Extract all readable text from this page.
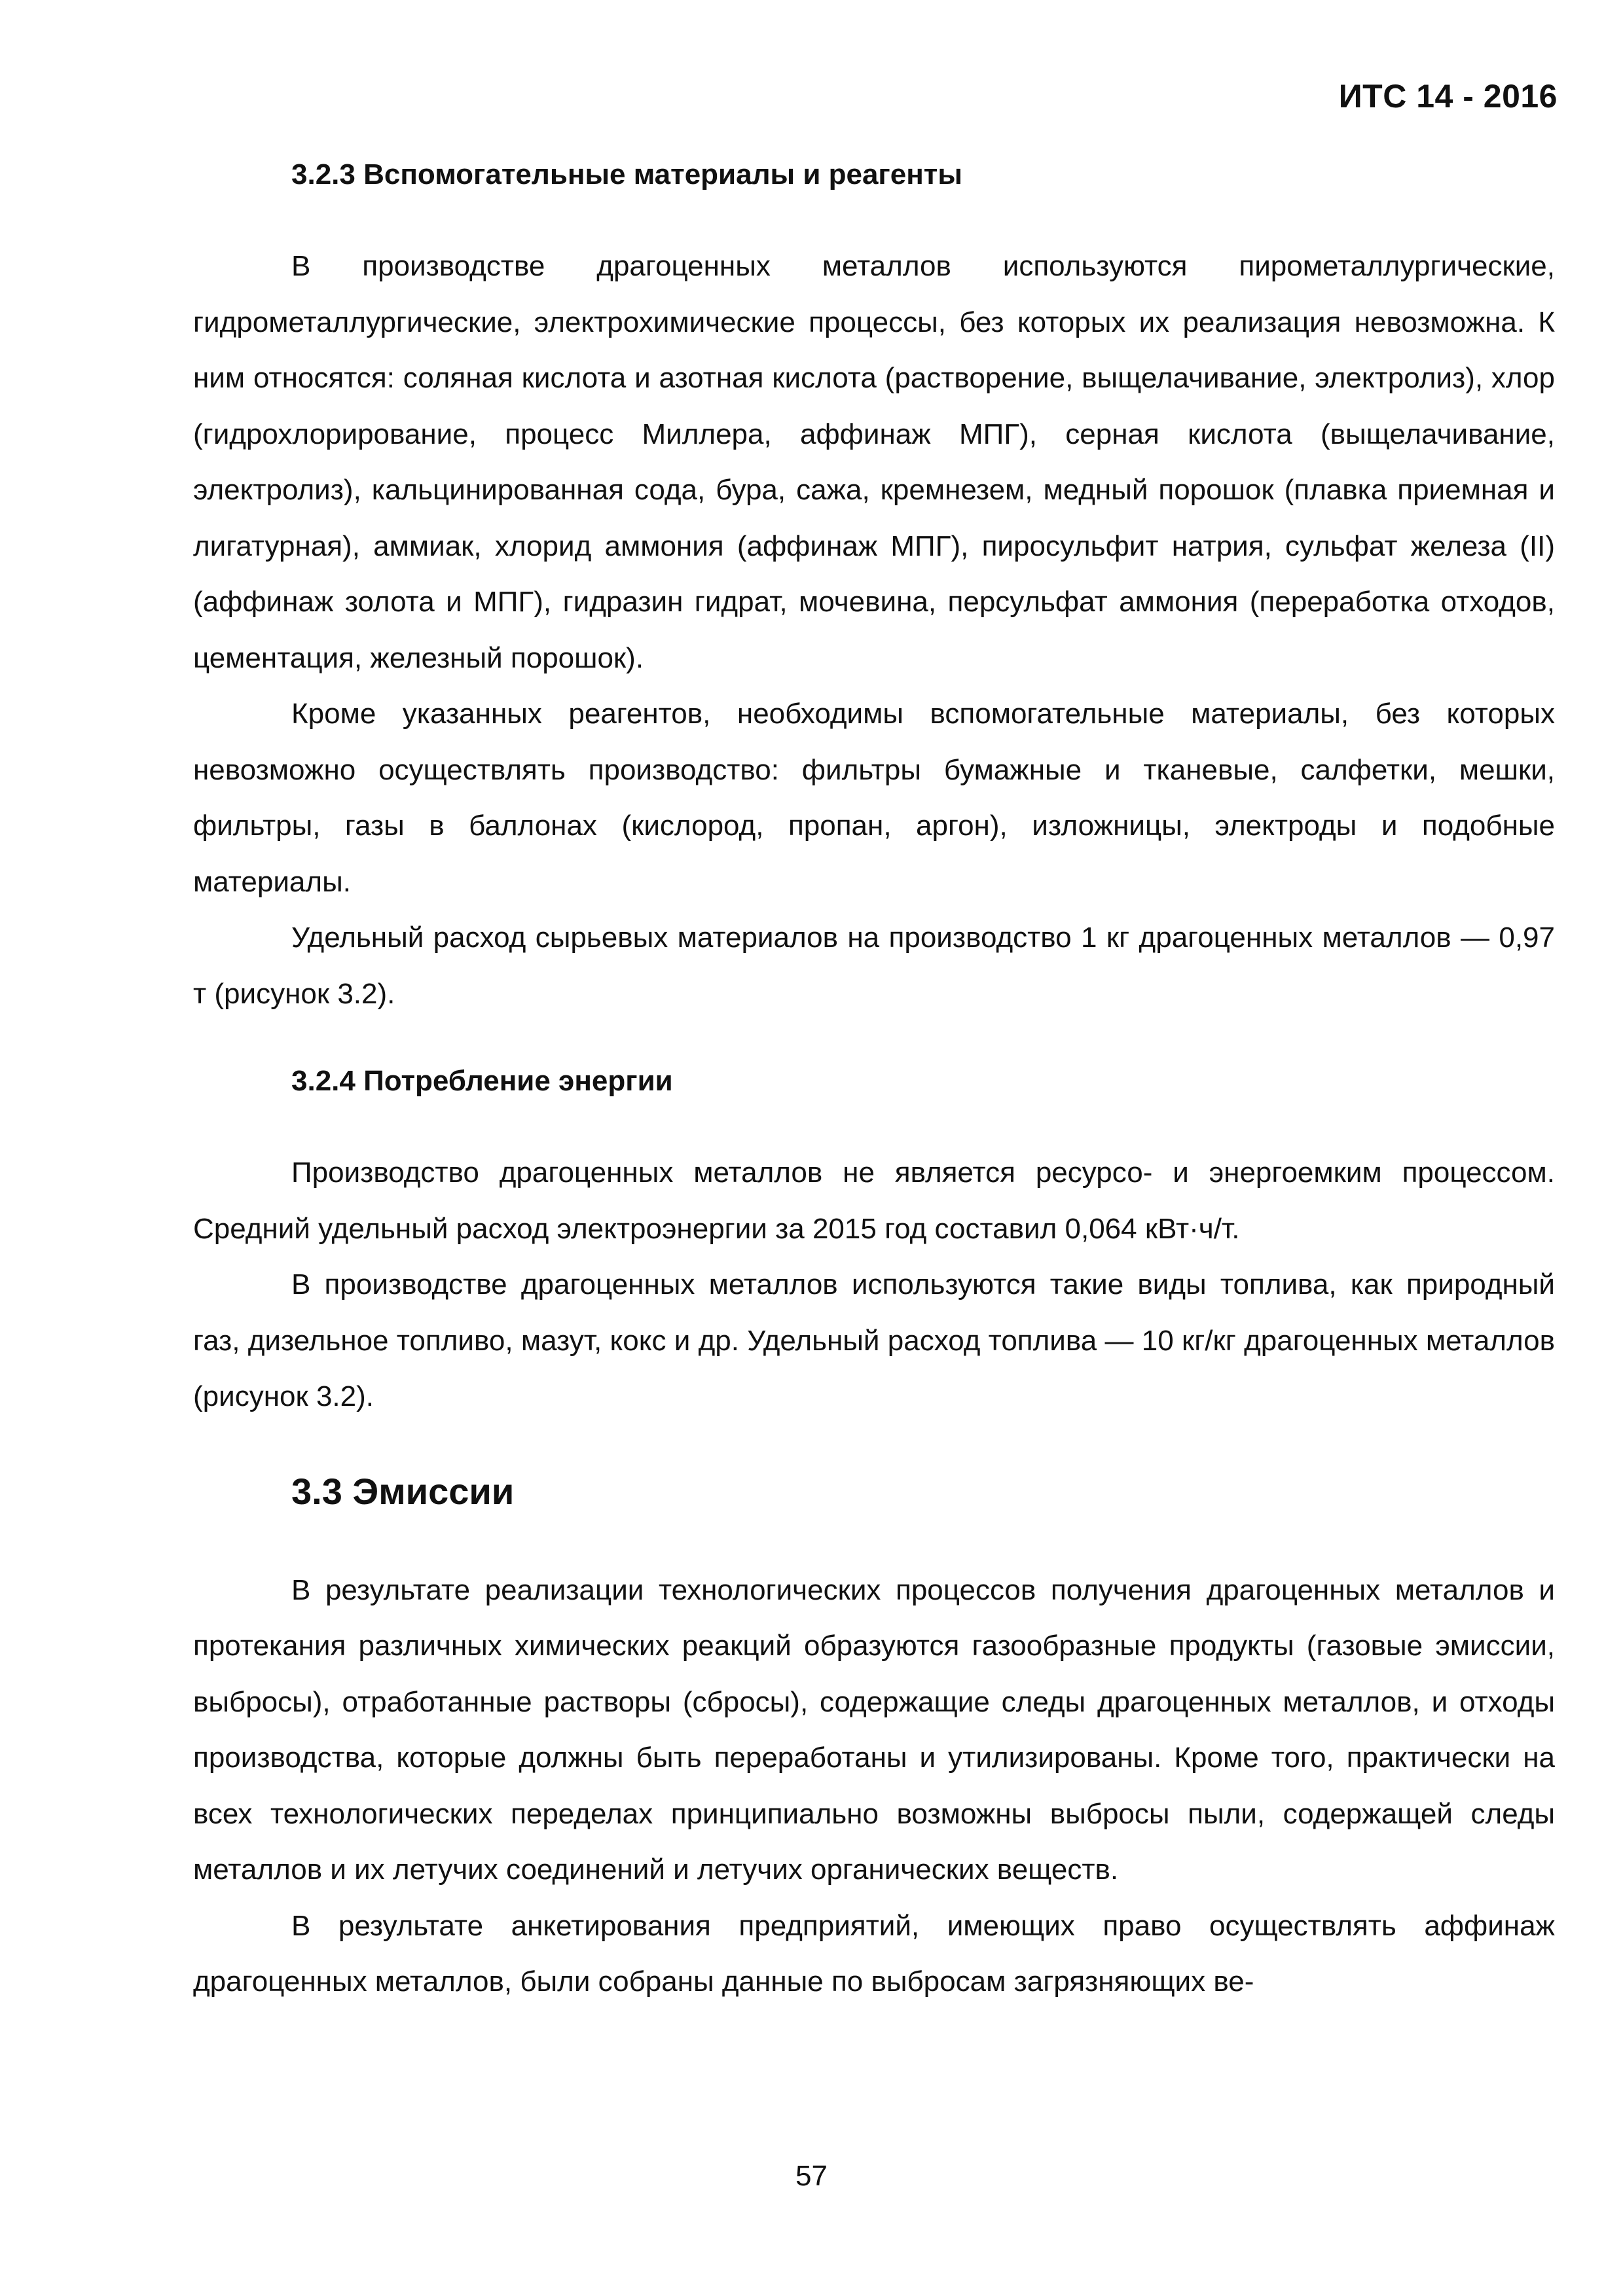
ИТС 14 - 2016
3.2.3 Вспомогательные материалы и реагенты

В производстве драгоценных металлов используются пирометаллургические, гидрометаллургические, электрохимические процессы, без которых их реализация невозможна. К ним относятся: соляная кислота и азотная кислота (растворение, выщелачивание, электролиз), хлор (гидрохлорирование, процесс Миллера, аффинаж МПГ), серная кислота (выщелачивание, электролиз), кальцинированная сода, бура, сажа, кремнезем, медный порошок (плавка приемная и лигатурная), аммиак, хлорид аммония (аффинаж МПГ), пиросульфит натрия, сульфат железа (II) (аффинаж золота и МПГ), гидразин гидрат, мочевина, персульфат аммония (переработка отходов, цементация, железный порошок).

Кроме указанных реагентов, необходимы вспомогательные материалы, без которых невозможно осуществлять производство: фильтры бумажные и тканевые, салфетки, мешки, фильтры, газы в баллонах (кислород, пропан, аргон), изложницы, электроды и подобные материалы.

Удельный расход сырьевых материалов на производство 1 кг драгоценных металлов — 0,97 т (рисунок 3.2).

3.2.4 Потребление энергии

Производство драгоценных металлов не является ресурсо- и энергоемким процессом. Средний удельный расход электроэнергии за 2015 год составил 0,064 кВт·ч/т.

В производстве драгоценных металлов используются такие виды топлива, как природный газ, дизельное топливо, мазут, кокс и др. Удельный расход топлива — 10 кг/кг драгоценных металлов (рисунок 3.2).

3.3 Эмиссии

В результате реализации технологических процессов получения драгоценных металлов и протекания различных химических реакций образуются газообразные продукты (газовые эмиссии, выбросы), отработанные растворы (сбросы), содержащие следы драгоценных металлов, и отходы производства, которые должны быть переработаны и утилизированы. Кроме того, практически на всех технологических переделах принципиально возможны выбросы пыли, содержащей следы металлов и их летучих соединений и летучих органических веществ.

В результате анкетирования предприятий, имеющих право осуществлять аффинаж драгоценных металлов, были собраны данные по выбросам загрязняющих ве-

57
